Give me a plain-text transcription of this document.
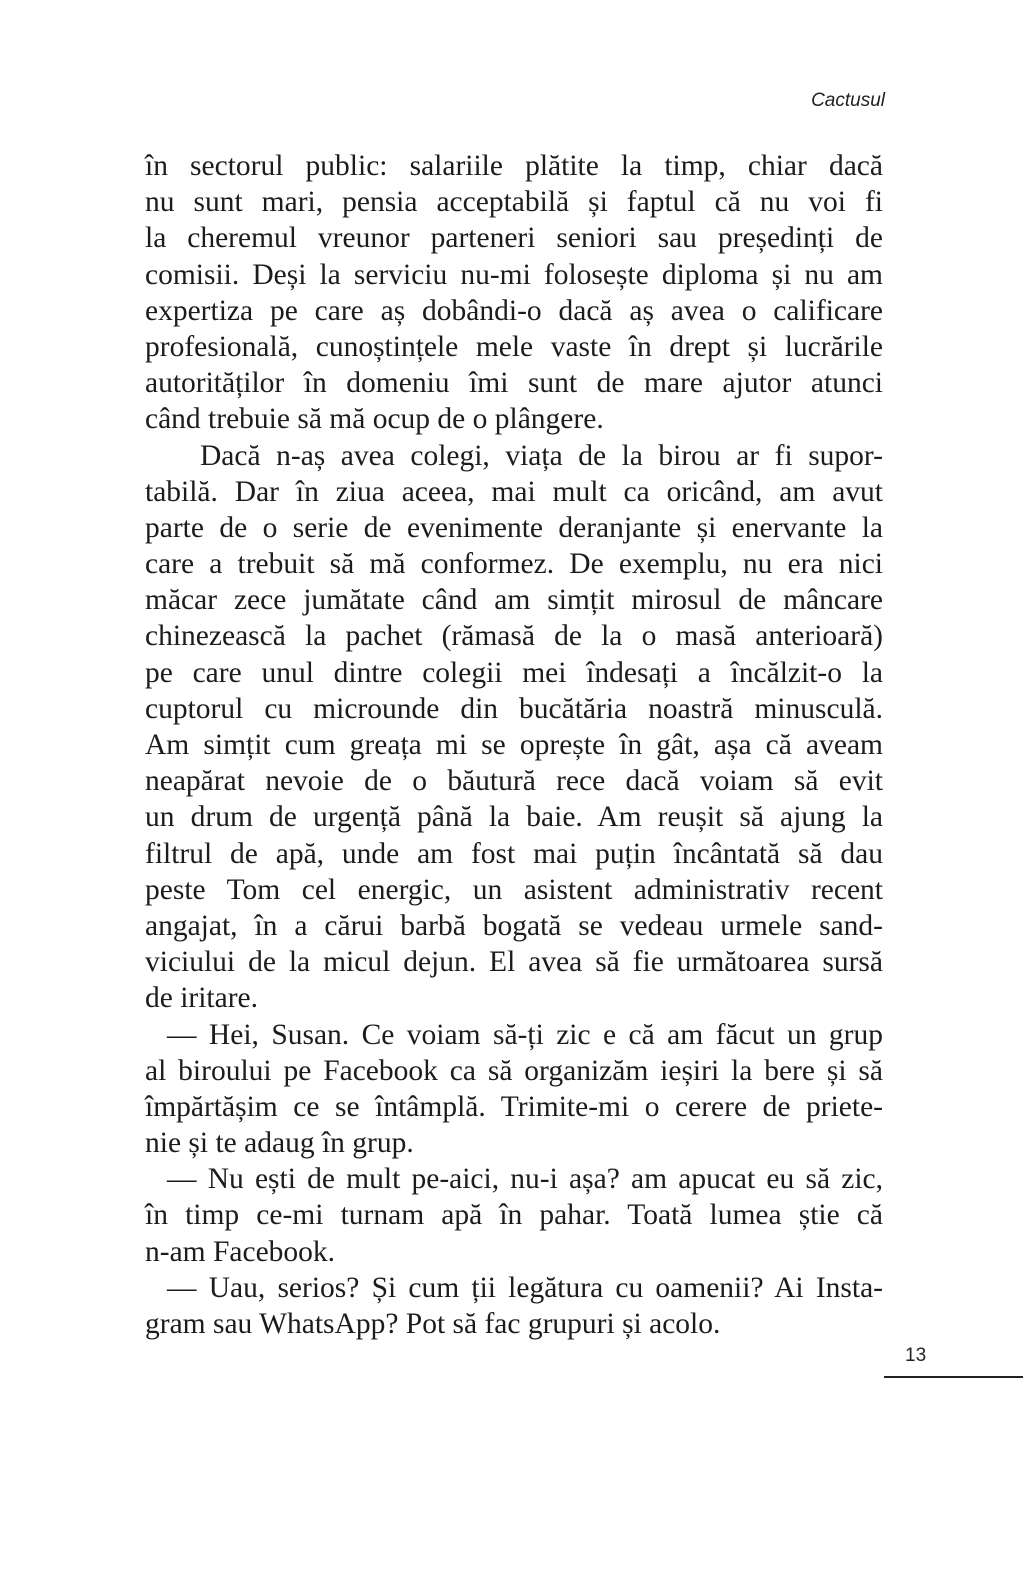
Cactusul
în sectorul public: salariile plătite la timp, chiar dacă
nu sunt mari, pensia acceptabilă și faptul că nu voi fi
la cheremul vreunor parteneri seniori sau președinți de
comisii. Deși la serviciu nu-mi folosește diploma și nu am
expertiza pe care aș dobândi-o dacă aș avea o calificare
profesională, cunoștințele mele vaste în drept și lucrările
autorităților în domeniu îmi sunt de mare ajutor atunci
când trebuie să mă ocup de o plângere.
Dacă n-aș avea colegi, viața de la birou ar fi supor-
tabilă. Dar în ziua aceea, mai mult ca oricând, am avut
parte de o serie de evenimente deranjante și enervante la
care a trebuit să mă conformez. De exemplu, nu era nici
măcar zece jumătate când am simțit mirosul de mâncare
chinezească la pachet (rămasă de la o masă anterioară)
pe care unul dintre colegii mei îndesați a încălzit-o la
cuptorul cu microunde din bucătăria noastră minusculă.
Am simțit cum greața mi se oprește în gât, așa că aveam
neapărat nevoie de o băutură rece dacă voiam să evit
un drum de urgență până la baie. Am reușit să ajung la
filtrul de apă, unde am fost mai puțin încântată să dau
peste Tom cel energic, un asistent administrativ recent
angajat, în a cărui barbă bogată se vedeau urmele sand-
viciului de la micul dejun. El avea să fie următoarea sursă
de iritare.
— Hei, Susan. Ce voiam să-ți zic e că am făcut un grup
al biroului pe Facebook ca să organizăm ieșiri la bere și să
împărtășim ce se întâmplă. Trimite-mi o cerere de priete-
nie și te adaug în grup.
— Nu ești de mult pe-aici, nu-i așa? am apucat eu să zic,
în timp ce-mi turnam apă în pahar. Toată lumea știe că
n-am Facebook.
— Uau, serios? Și cum ții legătura cu oamenii? Ai Insta-
gram sau WhatsApp? Pot să fac grupuri și acolo.
13
